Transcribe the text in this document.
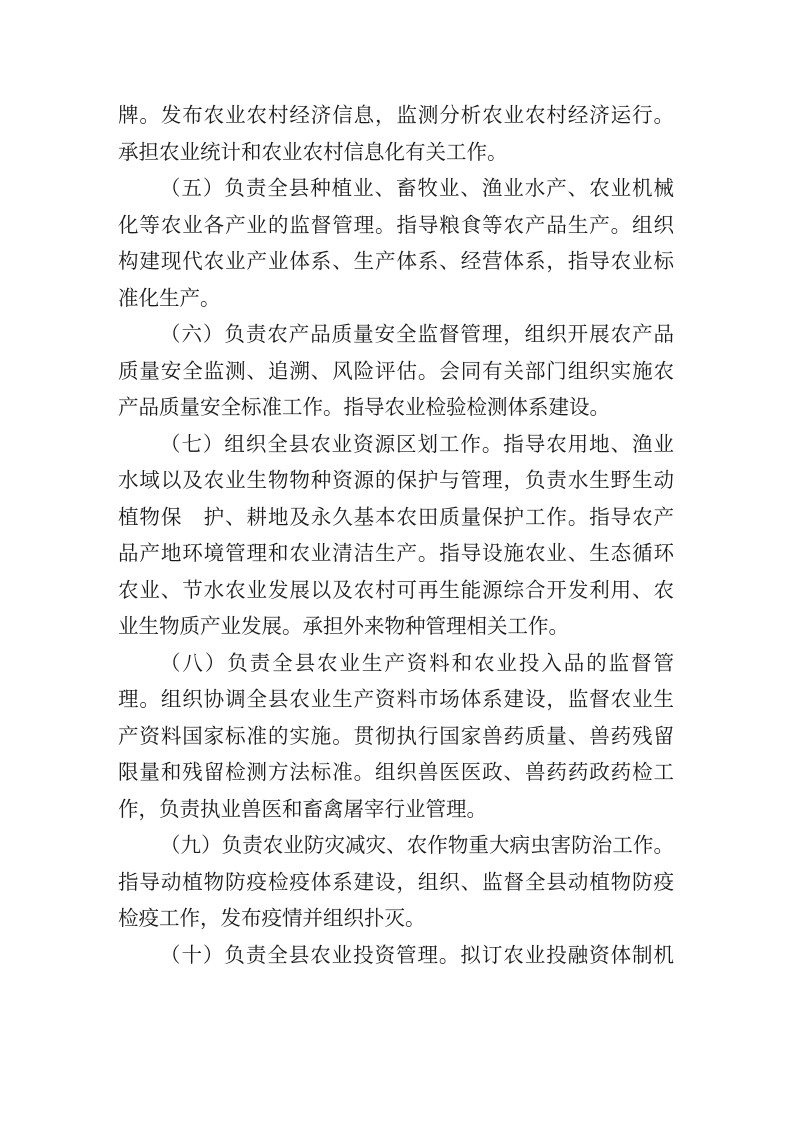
牌。发布农业农村经济信息，监测分析农业农村经济运行。
承担农业统计和农业农村信息化有关工作。
（五）负责全县种植业、畜牧业、渔业水产、农业机械
化等农业各产业的监督管理。指导粮食等农产品生产。组织
构建现代农业产业体系、生产体系、经营体系，指导农业标
准化生产。
（六）负责农产品质量安全监督管理，组织开展农产品
质量安全监测、追溯、风险评估。会同有关部门组织实施农
产品质量安全标准工作。指导农业检验检测体系建设。
（七）组织全县农业资源区划工作。指导农用地、渔业
水域以及农业生物物种资源的保护与管理，负责水生野生动
植物保　护、耕地及永久基本农田质量保护工作。指导农产
品产地环境管理和农业清洁生产。指导设施农业、生态循环
农业、节水农业发展以及农村可再生能源综合开发利用、农
业生物质产业发展。承担外来物种管理相关工作。
（八）负责全县农业生产资料和农业投入品的监督管
理。组织协调全县农业生产资料市场体系建设，监督农业生
产资料国家标准的实施。贯彻执行国家兽药质量、兽药残留
限量和残留检测方法标准。组织兽医医政、兽药药政药检工
作，负责执业兽医和畜禽屠宰行业管理。
（九）负责农业防灾减灾、农作物重大病虫害防治工作。
指导动植物防疫检疫体系建设，组织、监督全县动植物防疫
检疫工作，发布疫情并组织扑灭。
（十）负责全县农业投资管理。拟订农业投融资体制机
